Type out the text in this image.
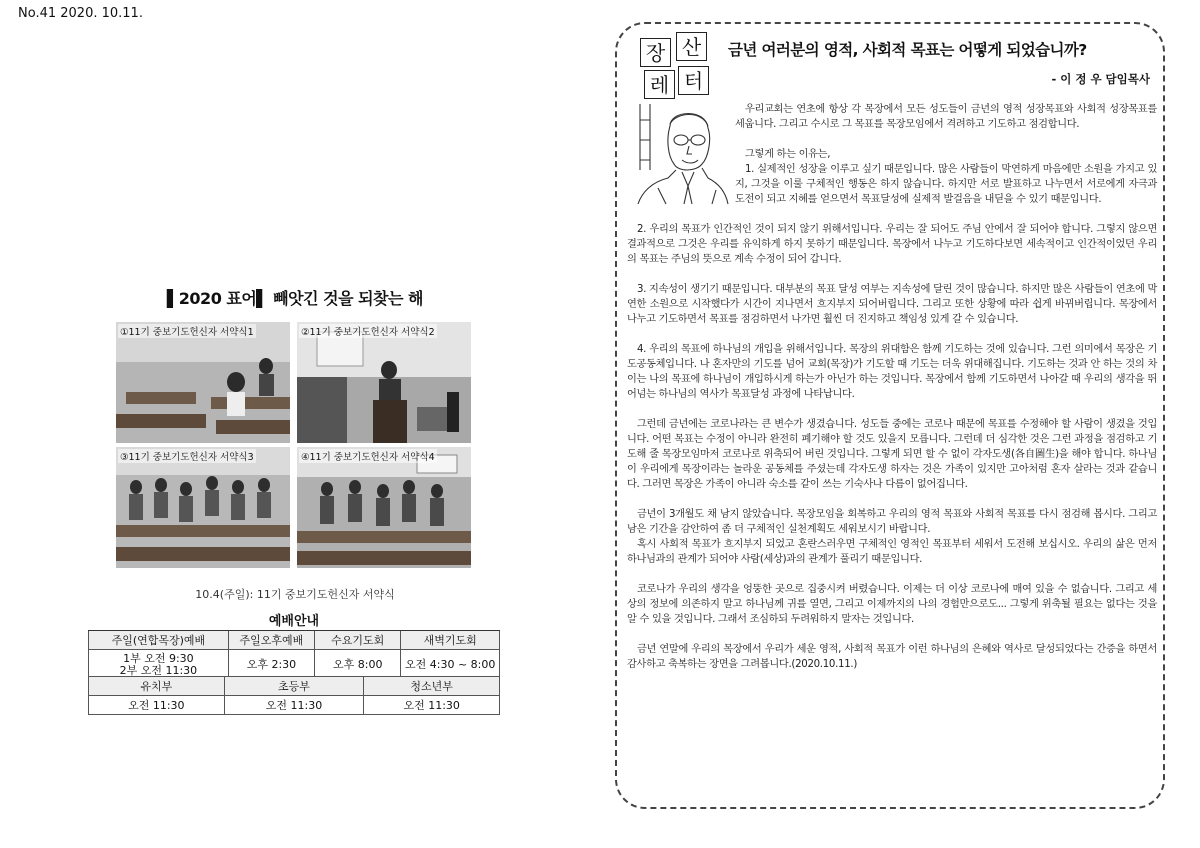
No.41 2020. 10.11.
▌2020 표어▌ 빼앗긴 것을 되찾는 해
①11기 중보기도헌신자 서약식1	②11기 중보기도헌신자 서약식2
③11기 중보기도헌신자 서약식3	④11기 중보기도헌신자 서약식4
10.4(주일): 11기 중보기도헌신자 서약식
예배안내			
주일(연합목장)예배	주일오후예배	수요기도회	새벽기도회

1부 오전 9:30
2부 오전 11:30	오후 2:30	오후 8:00	오전 4:30 ~ 8:00
유치부	초등부	청소년부
오전 11:30	오전 11:30	오전 11:30
장 산
레 터
금년 여러분의 영적, 사회적 목표는 어떻게 되었습니까?
- 이 정 우 담임목사

우리교회는 연초에 항상 각 목장에서 모든 성도들이 금년의 영적 성장목표와 사회적 성장목표를 세웁니다. 그리고 수시로 그 목표를 목장모임에서 격려하고 기도하고 점검합니다.

그렇게 하는 이유는,

1. 실제적인 성장을 이루고 싶기 때문입니다. 많은 사람들이 막연하게 마음에만 소원을 가지고 있지, 그것을 이룰 구체적인 행동은 하지 않습니다. 하지만 서로 발표하고 나누면서 서로에게 자극과 도전이 되고 지혜를 얻으면서 목표달성에 실제적 발걸음을 내딛을 수 있기 때문입니다.

2. 우리의 목표가 인간적인 것이 되지 않기 위해서입니다. 우리는 잘 되어도 주님 안에서 잘 되어야 합니다. 그렇지 않으면 결과적으로 그것은 우리를 유익하게 하지 못하기 때문입니다. 목장에서 나누고 기도하다보면 세속적이고 인간적이었던 우리의 목표는 주님의 뜻으로 계속 수정이 되어 갑니다.

3. 지속성이 생기기 때문입니다. 대부분의 목표 달성 여부는 지속성에 달린 것이 많습니다. 하지만 많은 사람들이 연초에 막연한 소원으로 시작했다가 시간이 지나면서 흐지부지 되어버립니다. 그리고 또한 상황에 따라 쉽게 바뀌버립니다. 목장에서 나누고 기도하면서 목표를 점검하면서 나가면 훨씬 더 진지하고 책임성 있게 갈 수 있습니다.

4. 우리의 목표에 하나님의 개입을 위해서입니다. 목장의 위대함은 함께 기도하는 것에 있습니다. 그런 의미에서 목장은 기도공동체입니다. 나 혼자만의 기도를 넘어 교회(목장)가 기도할 때 기도는 더욱 위대해집니다. 기도하는 것과 안 하는 것의 차이는 나의 목표에 하나님이 개입하시게 하는가 아닌가 하는 것입니다. 목장에서 함께 기도하면서 나아갈 때 우리의 생각을 뛰어넘는 하나님의 역사가 목표달성 과정에 나타납니다.

그런데 금년에는 코로나라는 큰 변수가 생겼습니다. 성도들 중에는 코로나 때문에 목표를 수정해야 할 사람이 생겼을 것입니다. 어떤 목표는 수정이 아니라 완전히 폐기해야 할 것도 있을지 모릅니다. 그런데 더 심각한 것은 그런 과정을 점검하고 기도해 줄 목장모임마저 코로나로 위축되어 버린 것입니다. 그렇게 되면 할 수 없이 각자도생(各自圖生)을 해야 합니다. 하나님이 우리에게 목장이라는 놀라운 공동체를 주셨는데 각자도생 하자는 것은 가족이 있지만 고아처럼 혼자 살라는 것과 같습니다. 그러면 목장은 가족이 아니라 숙소를 같이 쓰는 기숙사나 다름이 없어집니다.

금년이 3개월도 채 남지 않았습니다. 목장모임을 회복하고 우리의 영적 목표와 사회적 목표를 다시 점검해 봅시다. 그리고 남은 기간을 감안하여 좀 더 구체적인 실천계획도 세워보시기 바랍니다.

혹시 사회적 목표가 흐지부지 되었고 혼란스러우면 구체적인 영적인 목표부터 세워서 도전해 보십시오. 우리의 삶은 먼저 하나님과의 관계가 되어야 사람(세상)과의 관계가 풀리기 때문입니다.

코로나가 우리의 생각을 엉뚱한 곳으로 집중시켜 버렸습니다. 이제는 더 이상 코로나에 매여 있을 수 없습니다. 그리고 세상의 정보에 의존하지 말고 하나님께 귀를 열면, 그리고 이제까지의 나의 경험만으로도... 그렇게 위축될 필요는 없다는 것을 알 수 있을 것입니다. 그래서 조심하되 두려워하지 말자는 것입니다.

금년 연말에 우리의 목장에서 우리가 세운 영적, 사회적 목표가 이런 하나님의 은혜와 역사로 달성되었다는 간증을 하면서 감사하고 축복하는 장면을 그려봅니다.(2020.10.11.)
